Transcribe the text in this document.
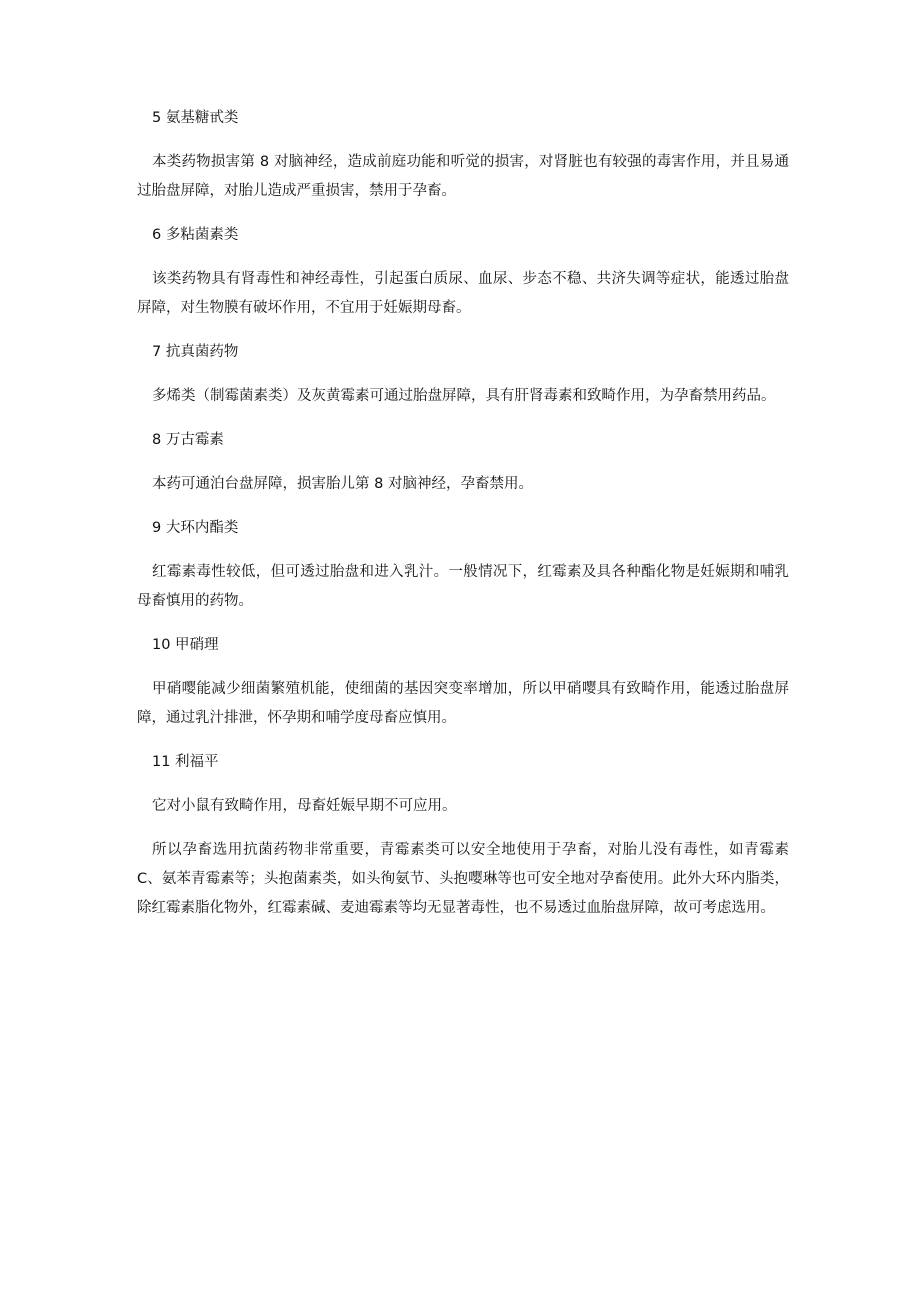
5 氨基糖甙类

本类药物损害第 8 对脑神经，造成前庭功能和听觉的损害，对肾脏也有较强的毒害作用，并且易通过胎盘屏障，对胎儿造成严重损害，禁用于孕畜。

6 多粘菌素类

该类药物具有肾毒性和神经毒性，引起蛋白质尿、血尿、步态不稳、共济失调等症状，能透过胎盘屏障，对生物膜有破坏作用，不宜用于妊娠期母畜。

7 抗真菌药物

多烯类（制霉菌素类）及灰黄霉素可通过胎盘屏障，具有肝肾毒素和致畸作用，为孕畜禁用药品。

8 万古霉素

本药可通泊台盘屏障，损害胎儿第 8 对脑神经，孕畜禁用。

9 大环内酯类

红霉素毒性较低，但可透过胎盘和进入乳汁。一般情况下，红霉素及具各种酯化物是妊娠期和哺乳母畜慎用的药物。

10 甲硝理

甲硝嘤能减少细菌繁殖机能，使细菌的基因突变率增加，所以甲硝嘤具有致畸作用，能透过胎盘屏障，通过乳汁排泄，怀孕期和哺学度母畜应慎用。

11 利福平

它对小鼠有致畸作用，母畜妊娠早期不可应用。

所以孕畜选用抗菌药物非常重要，青霉素类可以安全地使用于孕畜，对胎儿没有毒性，如青霉素 C、氨苯青霉素等；头抱菌素类，如头徇氨节、头抱嘤琳等也可安全地对孕畜使用。此外大环内脂类，除红霉素脂化物外，红霉素碱、麦迪霉素等均无显著毒性，也不易透过血胎盘屏障，故可考虑选用。
